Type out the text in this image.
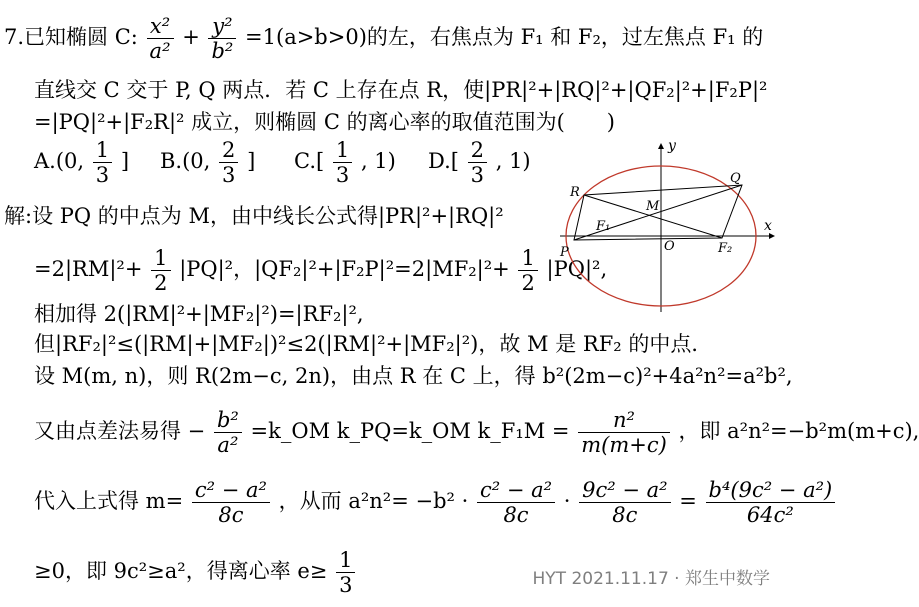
7.已知椭圆 C: $\frac{\text{x²}}{\text{a²}} + \frac{\text{y²}}{\text{b²}} =1(a>b>0)$的左，右焦点为 F₁ 和 F₂，过左焦点 F₁ 的
直线交 C 交于 P, Q 两点．若 C 上存在点 R，使|PR|²+|RQ|²+|QF₂|²+|F₂P|²
=|PQ|²+|F₂R|² 成立，则椭圆 C 的离心率的取值范围为(　　)
A.(0, $\frac{1}{3}$ ] B.(0, $\frac{2}{3}$ ] $C.[ \frac{1}{3}$ , 1) $D.[ \frac{2}{3}$ , 1)
解:设 PQ 的中点为 M，由中线长公式得|PR|²+|RQ|²
$=2|RM|^2+ \frac{1}{2} |PQ|^2$，$|QF_2|^2+|F_2P|^2=2|MF_2|^2+ \frac{1}{2} |PQ|^2$,
相加得 2(|RM|²+|MF₂|²)=|RF₂|²,
但|RF₂|²≤(|RM|+|MF₂|)²≤2(|RM|²+|MF₂|²)，故 M 是 RF₂ 的中点．
设 M(m, n)，则 R(2m−c, 2n)，由点 R 在 C 上，得 b²(2m−c)²+4a²n²=a²b²,
又由点差法易得 − $\frac{\text{b²}}{\text{a²}}$ =k_OM k_PQ=k_OM k_F₁M = $\frac{\text{n²}}{m(m+c)}$ ，即 a²n²=−b²m(m+c),
代入上式得 $m= \frac{\text{c² − a²}}{8c}$ ，从而 $a^2n^2= -b^2 \cdot \frac{\text{c² − a²}}{8c} \cdot \frac{\text{9c² − a²}}{8c} = \frac{\text{b⁴(9c² − a²)}}{\text{64c²}}$
≥0，即 9c²≥a²，得离心率 $e\ge \frac{1}{3}$
x
y
O
R
Q
M
F₁
F₂
P
HYT 2021.11.17 · 郑生中数学
